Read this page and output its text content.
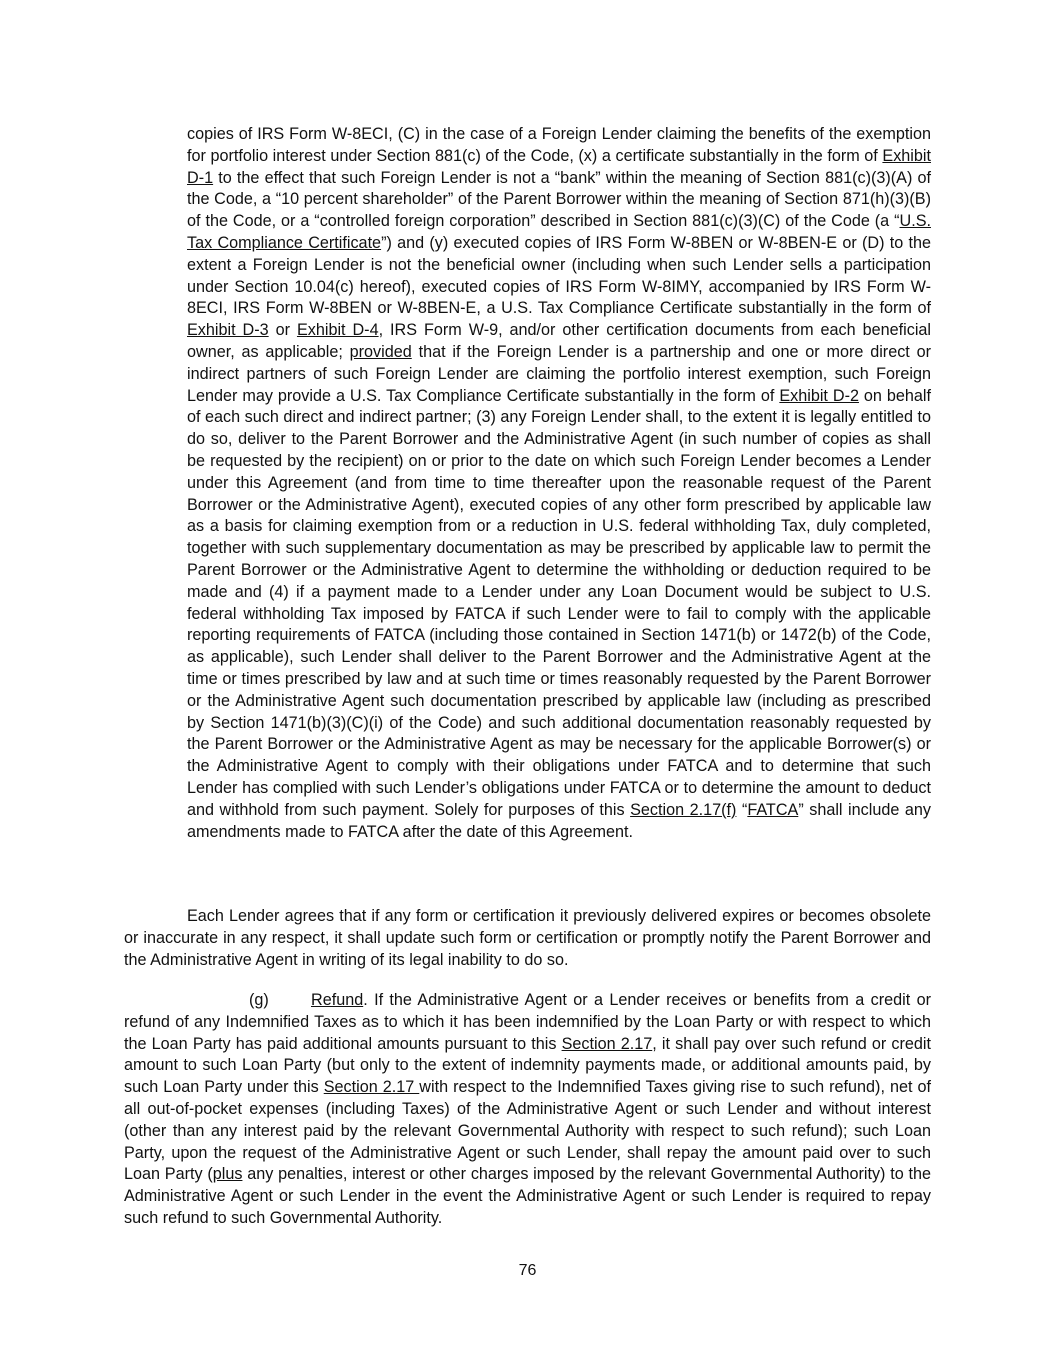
copies of IRS Form W-8ECI, (C) in the case of a Foreign Lender claiming the benefits of the exemption for portfolio interest under Section 881(c) of the Code, (x) a certificate substantially in the form of Exhibit D-1 to the effect that such Foreign Lender is not a “bank” within the meaning of Section 881(c)(3)(A) of the Code, a “10 percent shareholder” of the Parent Borrower within the meaning of Section 871(h)(3)(B) of the Code, or a “controlled foreign corporation” described in Section 881(c)(3)(C) of the Code (a “U.S. Tax Compliance Certificate”) and (y) executed copies of IRS Form W-8BEN or W-8BEN-E or (D) to the extent a Foreign Lender is not the beneficial owner (including when such Lender sells a participation under Section 10.04(c) hereof), executed copies of IRS Form W-8IMY, accompanied by IRS Form W-8ECI, IRS Form W-8BEN or W-8BEN-E, a U.S. Tax Compliance Certificate substantially in the form of Exhibit D-3 or Exhibit D-4, IRS Form W-9, and/or other certification documents from each beneficial owner, as applicable; provided that if the Foreign Lender is a partnership and one or more direct or indirect partners of such Foreign Lender are claiming the portfolio interest exemption, such Foreign Lender may provide a U.S. Tax Compliance Certificate substantially in the form of Exhibit D-2 on behalf of each such direct and indirect partner; (3) any Foreign Lender shall, to the extent it is legally entitled to do so, deliver to the Parent Borrower and the Administrative Agent (in such number of copies as shall be requested by the recipient) on or prior to the date on which such Foreign Lender becomes a Lender under this Agreement (and from time to time thereafter upon the reasonable request of the Parent Borrower or the Administrative Agent), executed copies of any other form prescribed by applicable law as a basis for claiming exemption from or a reduction in U.S. federal withholding Tax, duly completed, together with such supplementary documentation as may be prescribed by applicable law to permit the Parent Borrower or the Administrative Agent to determine the withholding or deduction required to be made and (4) if a payment made to a Lender under any Loan Document would be subject to U.S. federal withholding Tax imposed by FATCA if such Lender were to fail to comply with the applicable reporting requirements of FATCA (including those contained in Section 1471(b) or 1472(b) of the Code, as applicable), such Lender shall deliver to the Parent Borrower and the Administrative Agent at the time or times prescribed by law and at such time or times reasonably requested by the Parent Borrower or the Administrative Agent such documentation prescribed by applicable law (including as prescribed by Section 1471(b)(3)(C)(i) of the Code) and such additional documentation reasonably requested by the Parent Borrower or the Administrative Agent as may be necessary for the applicable Borrower(s) or the Administrative Agent to comply with their obligations under FATCA and to determine that such Lender has complied with such Lender’s obligations under FATCA or to determine the amount to deduct and withhold from such payment. Solely for purposes of this Section 2.17(f) “FATCA” shall include any amendments made to FATCA after the date of this Agreement.

Each Lender agrees that if any form or certification it previously delivered expires or becomes obsolete or inaccurate in any respect, it shall update such form or certification or promptly notify the Parent Borrower and the Administrative Agent in writing of its legal inability to do so.

(g)	Refund. If the Administrative Agent or a Lender receives or benefits from a credit or refund of any Indemnified Taxes as to which it has been indemnified by the Loan Party or with respect to which the Loan Party has paid additional amounts pursuant to this Section 2.17, it shall pay over such refund or credit amount to such Loan Party (but only to the extent of indemnity payments made, or additional amounts paid, by such Loan Party under this Section 2.17 with respect to the Indemnified Taxes giving rise to such refund), net of all out-of-pocket expenses (including Taxes) of the Administrative Agent or such Lender and without interest (other than any interest paid by the relevant Governmental Authority with respect to such refund); such Loan Party, upon the request of the Administrative Agent or such Lender, shall repay the amount paid over to such Loan Party (plus any penalties, interest or other charges imposed by the relevant Governmental Authority) to the Administrative Agent or such Lender in the event the Administrative Agent or such Lender is required to repay such refund to such Governmental Authority.

76
